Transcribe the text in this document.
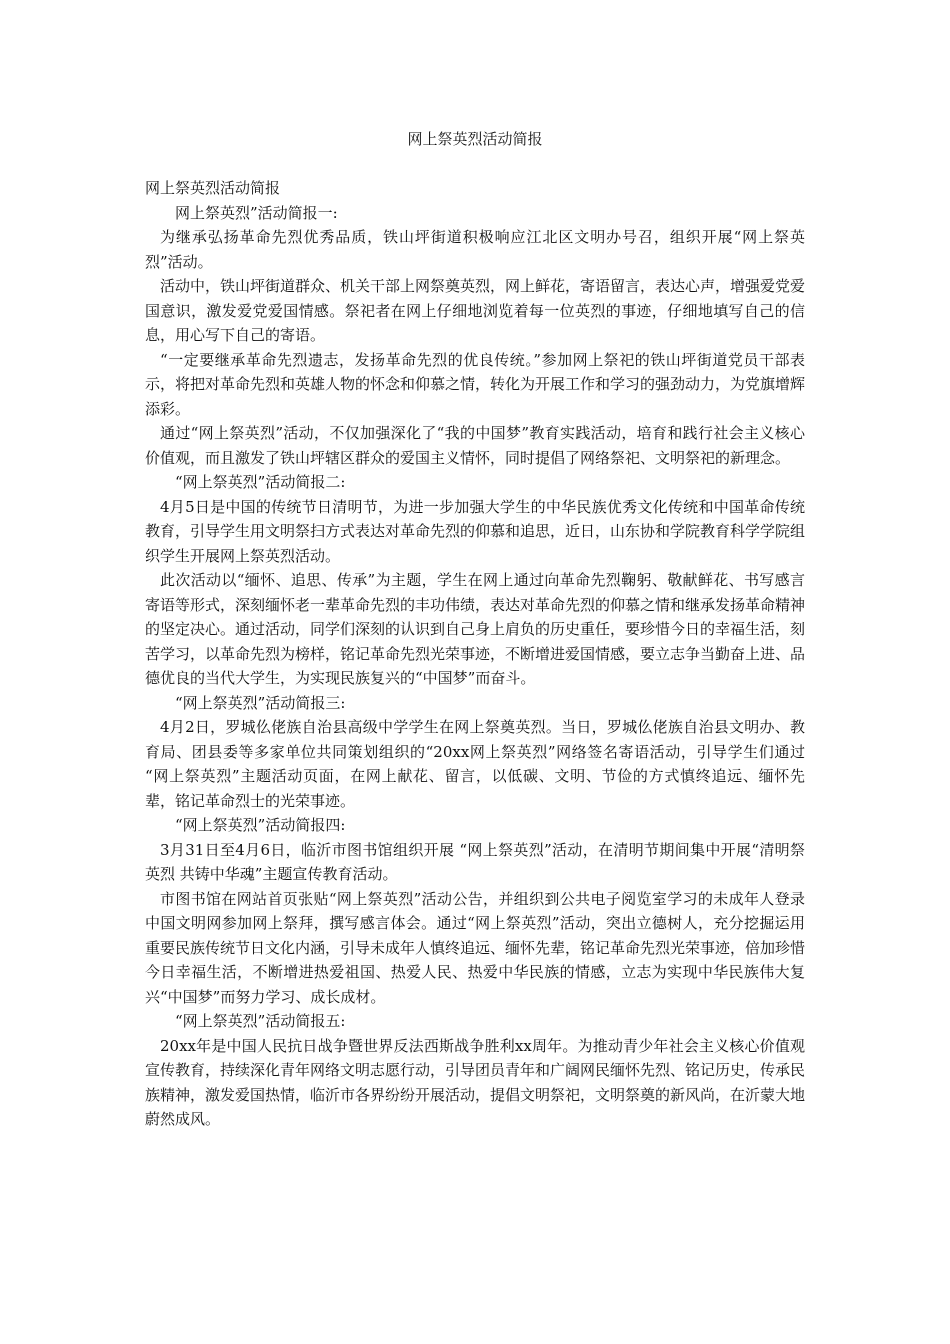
网上祭英烈活动简报

网上祭英烈活动简报

网上祭英烈”活动简报一:

为继承弘扬革命先烈优秀品质，铁山坪街道积极响应江北区文明办号召，组织开展“网上祭英烈”活动。

活动中，铁山坪街道群众、机关干部上网祭奠英烈，网上鲜花，寄语留言，表达心声，增强爱党爱国意识，激发爱党爱国情感。祭祀者在网上仔细地浏览着每一位英烈的事迹，仔细地填写自己的信息，用心写下自己的寄语。

“一定要继承革命先烈遗志，发扬革命先烈的优良传统。”参加网上祭祀的铁山坪街道党员干部表示，将把对革命先烈和英雄人物的怀念和仰慕之情，转化为开展工作和学习的强劲动力，为党旗增辉添彩。

通过“网上祭英烈”活动，不仅加强深化了“我的中国梦”教育实践活动，培育和践行社会主义核心价值观，而且激发了铁山坪辖区群众的爱国主义情怀，同时提倡了网络祭祀、文明祭祀的新理念。

“网上祭英烈”活动简报二:

4月5日是中国的传统节日清明节，为进一步加强大学生的中华民族优秀文化传统和中国革命传统教育，引导学生用文明祭扫方式表达对革命先烈的仰慕和追思，近日，山东协和学院教育科学学院组织学生开展网上祭英烈活动。

此次活动以“缅怀、追思、传承”为主题，学生在网上通过向革命先烈鞠躬、敬献鲜花、书写感言寄语等形式，深刻缅怀老一辈革命先烈的丰功伟绩，表达对革命先烈的仰慕之情和继承发扬革命精神的坚定决心。通过活动，同学们深刻的认识到自己身上肩负的历史重任，要珍惜今日的幸福生活，刻苦学习，以革命先烈为榜样，铭记革命先烈光荣事迹，不断增进爱国情感，要立志争当勤奋上进、品德优良的当代大学生，为实现民族复兴的“中国梦”而奋斗。

“网上祭英烈”活动简报三:

4月2日，罗城仫佬族自治县高级中学学生在网上祭奠英烈。当日，罗城仫佬族自治县文明办、教育局、团县委等多家单位共同策划组织的“20xx网上祭英烈”网络签名寄语活动，引导学生们通过 “网上祭英烈”主题活动页面，在网上献花、留言，以低碳、文明、节俭的方式慎终追远、缅怀先辈，铭记革命烈士的光荣事迹。

“网上祭英烈”活动简报四:

3月31日至4月6日，临沂市图书馆组织开展 “网上祭英烈”活动，在清明节期间集中开展“清明祭英烈 共铸中华魂”主题宣传教育活动。

市图书馆在网站首页张贴“网上祭英烈”活动公告，并组织到公共电子阅览室学习的未成年人登录中国文明网参加网上祭拜，撰写感言体会。通过“网上祭英烈”活动，突出立德树人，充分挖掘运用重要民族传统节日文化内涵，引导未成年人慎终追远、缅怀先辈，铭记革命先烈光荣事迹，倍加珍惜今日幸福生活，不断增进热爱祖国、热爱人民、热爱中华民族的情感，立志为实现中华民族伟大复兴“中国梦”而努力学习、成长成材。

“网上祭英烈”活动简报五:

20xx年是中国人民抗日战争暨世界反法西斯战争胜利xx周年。为推动青少年社会主义核心价值观宣传教育，持续深化青年网络文明志愿行动，引导团员青年和广阔网民缅怀先烈、铭记历史，传承民族精神，激发爱国热情，临沂市各界纷纷开展活动，提倡文明祭祀，文明祭奠的新风尚，在沂蒙大地蔚然成风。
